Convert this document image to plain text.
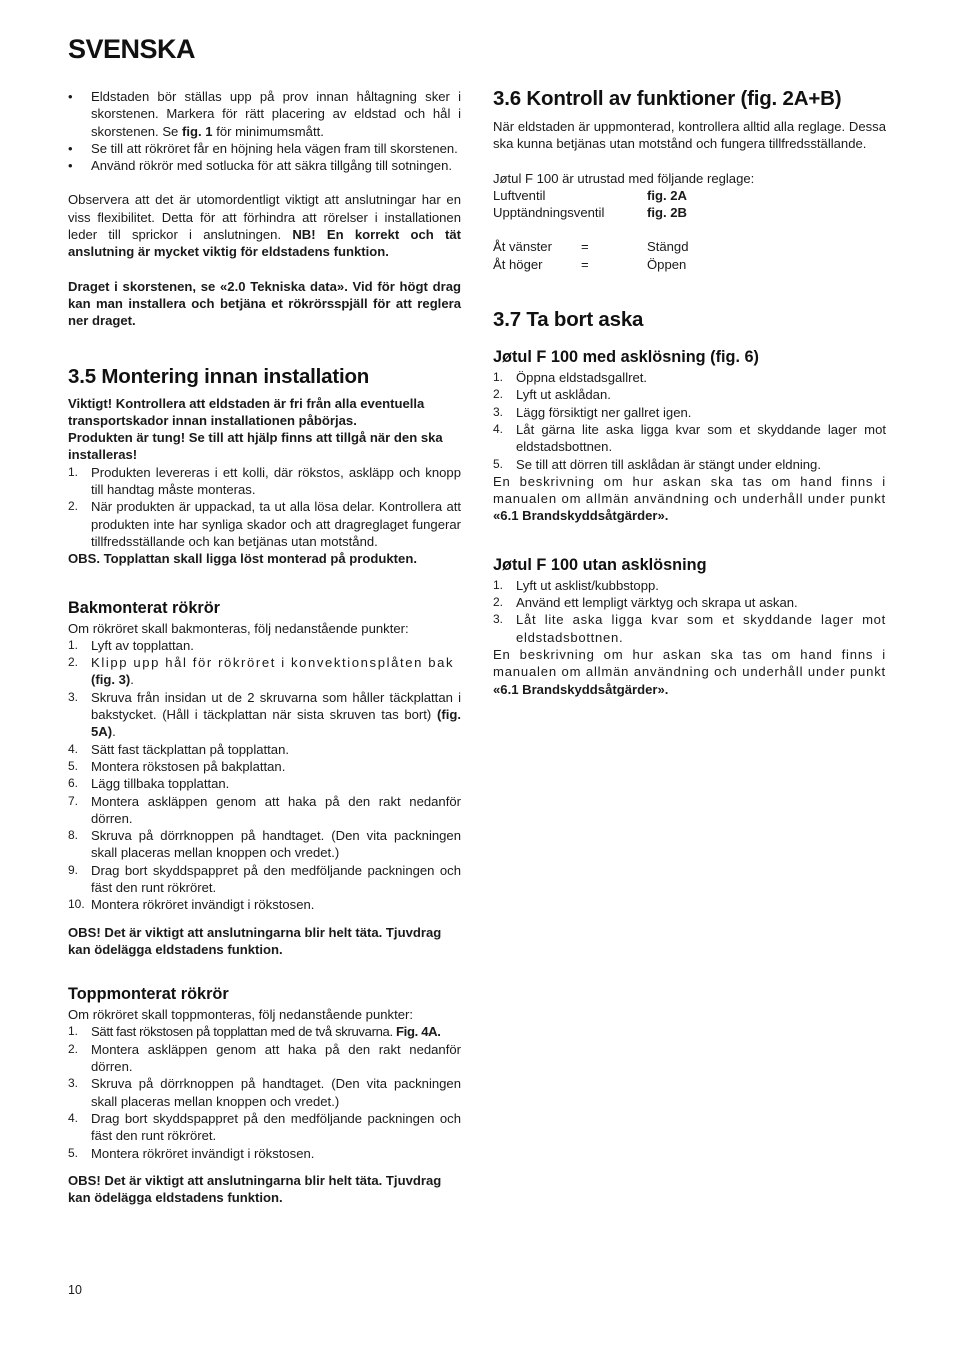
SVENSKA
• Eldstaden bör ställas upp på prov innan håltagning sker i skorstenen. Markera för rätt placering av eldstad och hål i skorstenen. Se fig. 1 för minimumsmått.
• Se till att rökröret får en höjning hela vägen fram till skorstenen.
• Använd rökrör med sotlucka för att säkra tillgång till sotningen.

Observera att det är utomordentligt viktigt att anslutningar har en viss flexibilitet. Detta för att förhindra att rörelser i installationen leder till sprickor i anslutningen. NB! En korrekt och tät anslutning är mycket viktig för eldstadens funktion.

Draget i skorstenen, se «2.0 Tekniska data». Vid för högt drag kan man installera och betjäna et rökrörsspjäll för att reglera ner draget.

3.5 Montering innan installation

Viktigt! Kontrollera att eldstaden är fri från alla eventuella transportskador innan installationen påbörjas.

Produkten är tung! Se till att hjälp finns att tillgå när den ska installeras!

1. Produkten levereras i ett kolli, där rökstos, askläpp och knopp till handtag måste monteras.
2. När produkten är uppackad, ta ut alla lösa delar. Kontrollera att produkten inte har synliga skador och att dragreglaget fungerar tillfredsställande och kan betjänas utan motstånd.

OBS. Topplattan skall ligga löst monterad på produkten.

Bakmonterat rökrör

Om rökröret skall bakmonteras, följ nedanstående punkter:

1. Lyft av topplattan.
2. Klipp upp hål för rökröret i konvektionsplåten bak
(fig. 3).
3. Skruva från insidan ut de 2 skruvarna som håller täckplattan i bakstycket. (Håll i täckplattan när sista skruven tas bort) (fig. 5A).
4. Sätt fast täckplattan på topplattan.
5. Montera rökstosen på bakplattan.
6. Lägg tillbaka topplattan.
7. Montera askläppen genom att haka på den rakt nedanför dörren.
8. Skruva på dörrknoppen på handtaget. (Den vita packningen skall placeras mellan knoppen och vredet.)
9. Drag bort skyddspappret på den medföljande packningen och fäst den runt rökröret.
10. Montera rökröret invändigt i rökstosen.

OBS! Det är viktigt att anslutningarna blir helt täta. Tjuvdrag kan ödelägga eldstadens funktion.

Toppmonterat rökrör

Om rökröret skall toppmonteras, följ nedanstående punkter:

1. Sätt fast rökstosen på topplattan med de två skruvarna. Fig. 4A.
2. Montera askläppen genom att haka på den rakt nedanför dörren.
3. Skruva på dörrknoppen på handtaget. (Den vita packningen skall placeras mellan knoppen och vredet.)
4. Drag bort skyddspappret på den medföljande packningen och fäst den runt rökröret.
5. Montera rökröret invändigt i rökstosen.

OBS! Det är viktigt att anslutningarna blir helt täta. Tjuvdrag kan ödelägga eldstadens funktion.

3.6 Kontroll av funktioner (fig. 2A+B)

När eldstaden är uppmonterad, kontrollera alltid alla reglage. Dessa ska kunna betjänas utan motstånd och fungera tillfredsställande.

Jøtul F 100 är utrustad med följande reglage:

Luftventil	fig. 2A
Upptändningsventil	fig. 2B
Åt vänster	=	Stängd
Åt höger	=	Öppen
3.7 Ta bort aska
Jøtul F 100 med asklösning (fig. 6)
1. Öppna eldstadsgallret.
2. Lyft ut asklådan.
3. Lägg försiktigt ner gallret igen.
4. Låt gärna lite aska ligga kvar som et skyddande lager mot eldstadsbottnen.
5. Se till att dörren till asklådan är stängt under eldning.

En beskrivning om hur askan ska tas om hand finns i manualen om allmän användning och underhåll under punkt «6.1 Brandskyddsåtgärder».

Jøtul F 100 utan asklösning
1. Lyft ut asklist/kubbstopp.
2. Använd ett lempligt värktyg och skrapa ut askan.
3. Låt lite aska ligga kvar som et skyddande lager mot eldstadsbottnen.

En beskrivning om hur askan ska tas om hand finns i manualen om allmän användning och underhåll under punkt «6.1 Brandskyddsåtgärder».

10
